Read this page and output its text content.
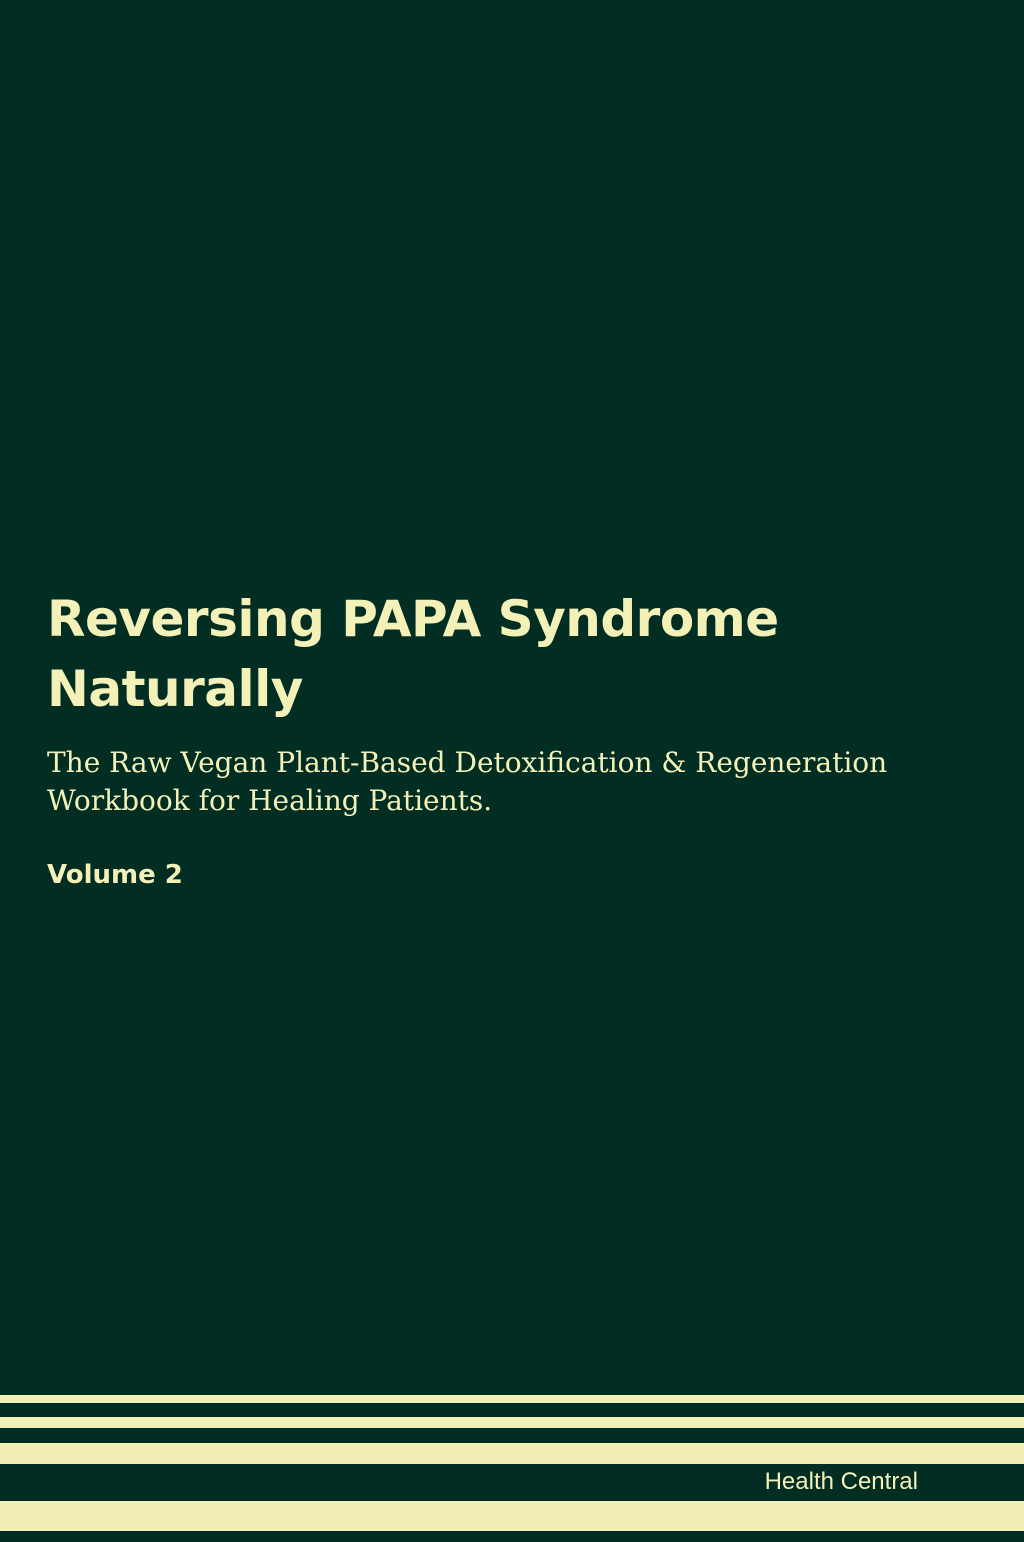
Reversing PAPA Syndrome Naturally

The Raw Vegan Plant-Based Detoxification & Regeneration Workbook for Healing Patients.

Volume 2

Health Central
